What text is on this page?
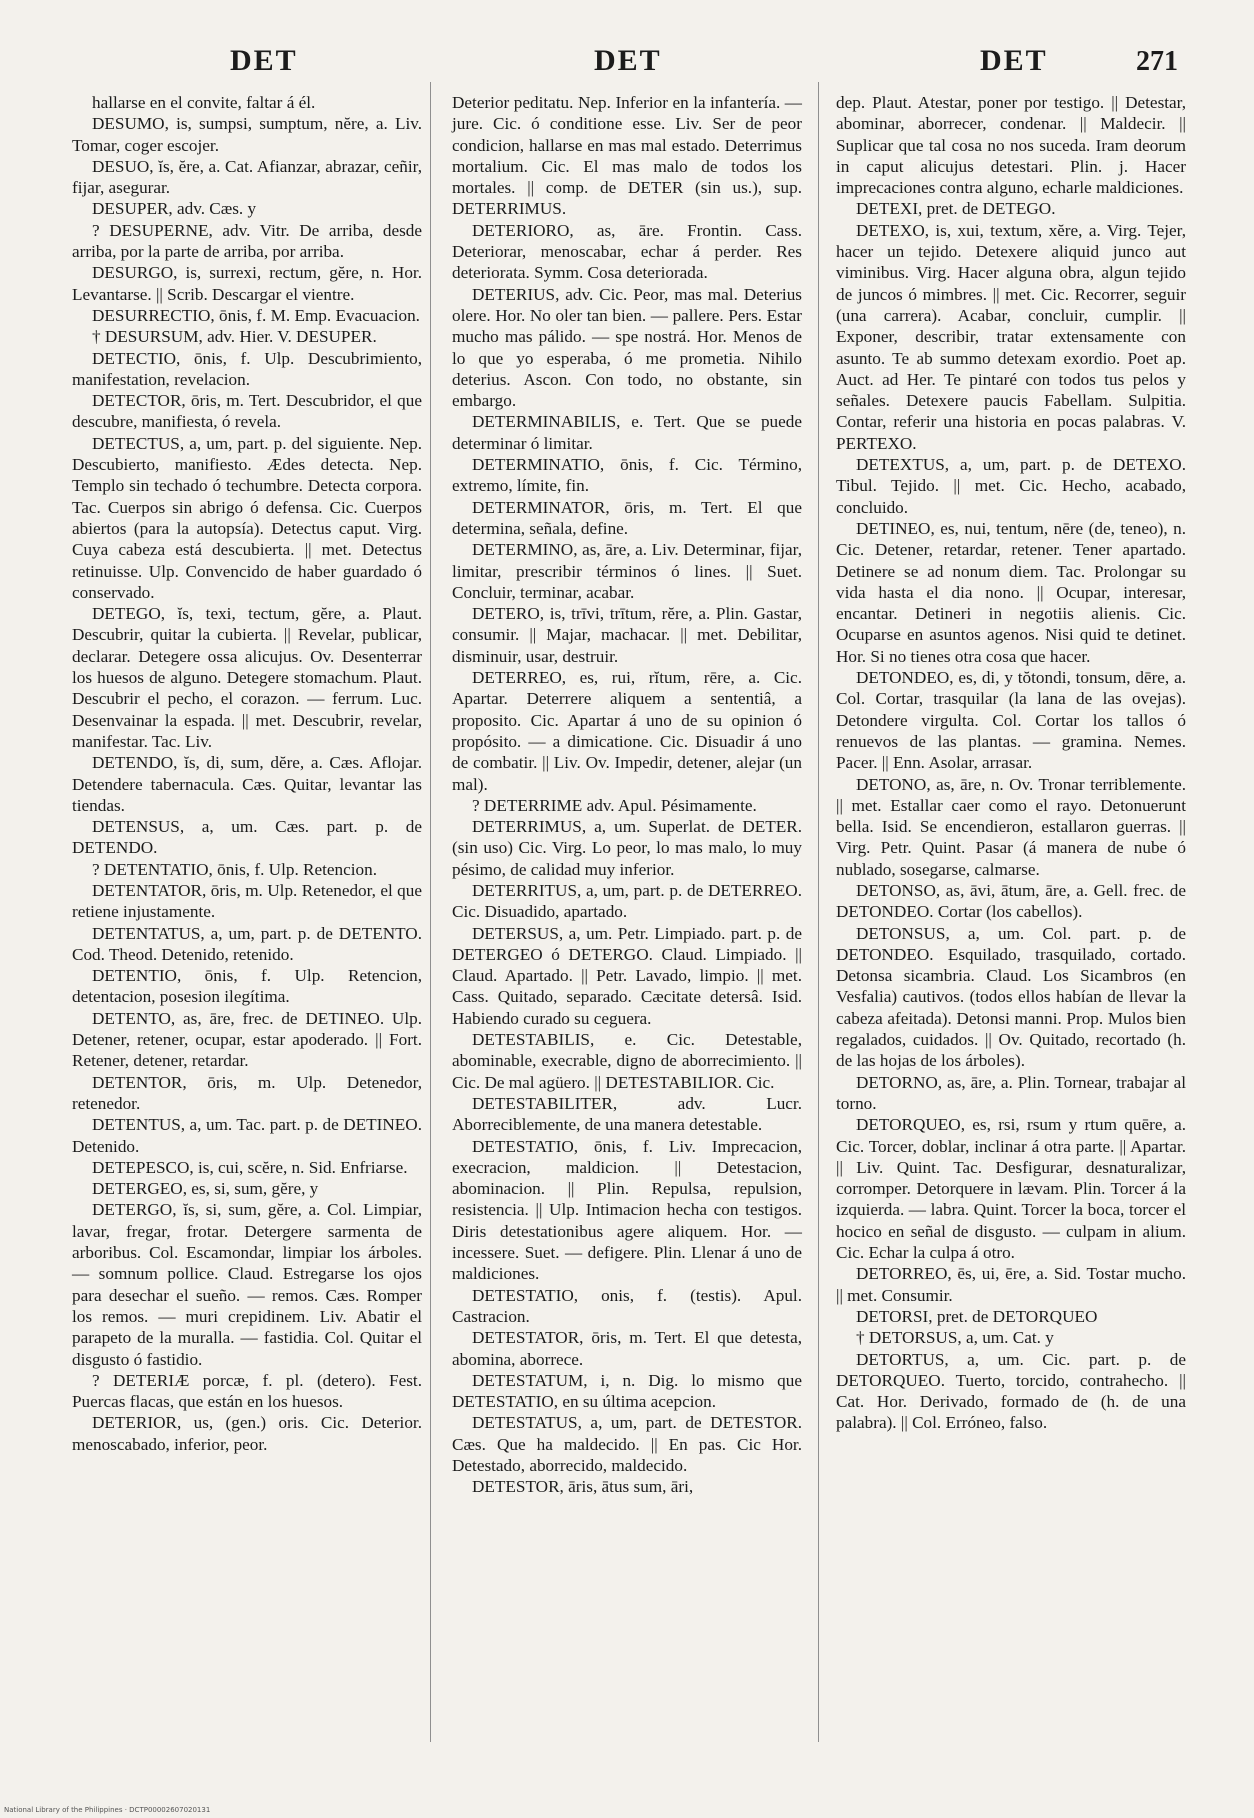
DET	DET	DET	271

hallarse en el convite, faltar á él.

DESUMO, is, sumpsi, sumptum, nĕre, a. Liv. Tomar, coger escojer.

DESUO, ĭs, ĕre, a. Cat. Afianzar, abrazar, ceñir, fijar, asegurar.

DESUPER, adv. Cæs. y

? DESUPERNE, adv. Vitr. De arriba, desde arriba, por la parte de arriba, por arriba.

DESURGO, is, surrexi, rectum, gĕre, n. Hor. Levantarse. || Scrib. Descargar el vientre.

DESURRECTIO, ōnis, f. M. Emp. Evacuacion.

† DESURSUM, adv. Hier. V. DESUPER.

DETECTIO, ōnis, f. Ulp. Descubrimiento, manifestation, revelacion.

DETECTOR, ōris, m. Tert. Descubridor, el que descubre, manifiesta, ó revela.

DETECTUS, a, um, part. p. del siguiente. Nep. Descubierto, manifiesto. Ædes detecta. Nep. Templo sin techado ó techumbre. Detecta corpora. Tac. Cuerpos sin abrigo ó defensa. Cic. Cuerpos abiertos (para la autopsía). Detectus caput. Virg. Cuya cabeza está descubierta. || met. Detectus retinuisse. Ulp. Convencido de haber guardado ó conservado.

DETEGO, ĭs, texi, tectum, gĕre, a. Plaut. Descubrir, quitar la cubierta. || Revelar, publicar, declarar. Detegere ossa alicujus. Ov. Desenterrar los huesos de alguno. Detegere stomachum. Plaut. Descubrir el pecho, el corazon. — ferrum. Luc. Desenvainar la espada. || met. Descubrir, revelar, manifestar. Tac. Liv.

DETENDO, ĭs, di, sum, dĕre, a. Cæs. Aflojar. Detendere tabernacula. Cæs. Quitar, levantar las tiendas.

DETENSUS, a, um. Cæs. part. p. de DETENDO.

? DETENTATIO, ōnis, f. Ulp. Retencion.

DETENTATOR, ōris, m. Ulp. Retenedor, el que retiene injustamente.

DETENTATUS, a, um, part. p. de DETENTO. Cod. Theod. Detenido, retenido.

DETENTIO, ōnis, f. Ulp. Retencion, detentacion, posesion ilegítima.

DETENTO, as, āre, frec. de DETINEO. Ulp. Detener, retener, ocupar, estar apoderado. || Fort. Retener, detener, retardar.

DETENTOR, ōris, m. Ulp. Detenedor, retenedor.

DETENTUS, a, um. Tac. part. p. de DETINEO. Detenido.

DETEPESCO, is, cui, scĕre, n. Sid. Enfriarse.

DETERGEO, es, si, sum, gĕre, y

DETERGO, ĭs, si, sum, gĕre, a. Col. Limpiar, lavar, fregar, frotar. Detergere sarmenta de arboribus. Col. Escamondar, limpiar los árboles. — somnum pollice. Claud. Estregarse los ojos para desechar el sueño. — remos. Cæs. Romper los remos. — muri crepidinem. Liv. Abatir el parapeto de la muralla. — fastidia. Col. Quitar el disgusto ó fastidio.

? DETERIÆ porcæ, f. pl. (detero). Fest. Puercas flacas, que están en los huesos.

DETERIOR, us, (gen.) oris. Cic. Deterior. menoscabado, inferior, peor.

Deterior peditatu. Nep. Inferior en la infantería. — jure. Cic. ó conditione esse. Liv. Ser de peor condicion, hallarse en mas mal estado. Deterrimus mortalium. Cic. El mas malo de todos los mortales. || comp. de DETER (sin us.), sup. DETERRIMUS.

DETERIORO, as, āre. Frontin. Cass. Deteriorar, menoscabar, echar á perder. Res deteriorata. Symm. Cosa deteriorada.

DETERIUS, adv. Cic. Peor, mas mal. Deterius olere. Hor. No oler tan bien. — pallere. Pers. Estar mucho mas pálido. — spe nostrá. Hor. Menos de lo que yo esperaba, ó me prometia. Nihilo deterius. Ascon. Con todo, no obstante, sin embargo.

DETERMINABILIS, e. Tert. Que se puede determinar ó limitar.

DETERMINATIO, ōnis, f. Cic. Término, extremo, límite, fin.

DETERMINATOR, ōris, m. Tert. El que determina, señala, define.

DETERMINO, as, āre, a. Liv. Determinar, fijar, limitar, prescribir términos ó lines. || Suet. Concluir, terminar, acabar.

DETERO, is, trīvi, trītum, rĕre, a. Plin. Gastar, consumir. || Majar, machacar. || met. Debilitar, disminuir, usar, destruir.

DETERREO, es, rui, rĭtum, rēre, a. Cic. Apartar. Deterrere aliquem a sententiâ, a proposito. Cic. Apartar á uno de su opinion ó propósito. — a dimicatione. Cic. Disuadir á uno de combatir. || Liv. Ov. Impedir, detener, alejar (un mal).

? DETERRIME adv. Apul. Pésimamente.

DETERRIMUS, a, um. Superlat. de DETER. (sin uso) Cic. Virg. Lo peor, lo mas malo, lo muy pésimo, de calidad muy inferior.

DETERRITUS, a, um, part. p. de DETERREO. Cic. Disuadido, apartado.

DETERSUS, a, um. Petr. Limpiado. part. p. de DETERGEO ó DETERGO. Claud. Limpiado. || Claud. Apartado. || Petr. Lavado, limpio. || met. Cass. Quitado, separado. Cæcitate detersâ. Isid. Habiendo curado su ceguera.

DETESTABILIS, e. Cic. Detestable, abominable, execrable, digno de aborrecimiento. || Cic. De mal agüero. || DETESTABILIOR. Cic.

DETESTABILITER, adv. Lucr. Aborreciblemente, de una manera detestable.

DETESTATIO, ōnis, f. Liv. Imprecacion, execracion, maldicion. || Detestacion, abominacion. || Plin. Repulsa, repulsion, resistencia. || Ulp. Intimacion hecha con testigos. Diris detestationibus agere aliquem. Hor. — incessere. Suet. — defigere. Plin. Llenar á uno de maldiciones.

DETESTATIO, onis, f. (testis). Apul. Castracion.

DETESTATOR, ōris, m. Tert. El que detesta, abomina, aborrece.

DETESTATUM, i, n. Dig. lo mismo que DETESTATIO, en su última acepcion.

DETESTATUS, a, um, part. de DETESTOR. Cæs. Que ha maldecido. || En pas. Cic Hor. Detestado, aborrecido, maldecido.

DETESTOR, āris, ātus sum, āri,

dep. Plaut. Atestar, poner por testigo. || Detestar, abominar, aborrecer, condenar. || Maldecir. || Suplicar que tal cosa no nos suceda. Iram deorum in caput alicujus detestari. Plin. j. Hacer imprecaciones contra alguno, echarle maldiciones.

DETEXI, pret. de DETEGO.

DETEXO, is, xui, textum, xĕre, a. Virg. Tejer, hacer un tejido. Detexere aliquid junco aut viminibus. Virg. Hacer alguna obra, algun tejido de juncos ó mimbres. || met. Cic. Recorrer, seguir (una carrera). Acabar, concluir, cumplir. || Exponer, describir, tratar extensamente con asunto. Te ab summo detexam exordio. Poet ap. Auct. ad Her. Te pintaré con todos tus pelos y señales. Detexere paucis Fabellam. Sulpitia. Contar, referir una historia en pocas palabras. V. PERTEXO.

DETEXTUS, a, um, part. p. de DETEXO. Tibul. Tejido. || met. Cic. Hecho, acabado, concluido.

DETINEO, es, nui, tentum, nēre (de, teneo), n. Cic. Detener, retardar, retener. Tener apartado. Detinere se ad nonum diem. Tac. Prolongar su vida hasta el dia nono. || Ocupar, interesar, encantar. Detineri in negotiis alienis. Cic. Ocuparse en asuntos agenos. Nisi quid te detinet. Hor. Si no tienes otra cosa que hacer.

DETONDEO, es, di, y tŏtondi, tonsum, dēre, a. Col. Cortar, trasquilar (la lana de las ovejas). Detondere virgulta. Col. Cortar los tallos ó renuevos de las plantas. — gramina. Nemes. Pacer. || Enn. Asolar, arrasar.

DETONO, as, āre, n. Ov. Tronar terriblemente. || met. Estallar caer como el rayo. Detonuerunt bella. Isid. Se encendieron, estallaron guerras. || Virg. Petr. Quint. Pasar (á manera de nube ó nublado, sosegarse, calmarse.

DETONSO, as, āvi, ātum, āre, a. Gell. frec. de DETONDEO. Cortar (los cabellos).

DETONSUS, a, um. Col. part. p. de DETONDEO. Esquilado, trasquilado, cortado. Detonsa sicambria. Claud. Los Sicambros (en Vesfalia) cautivos. (todos ellos habían de llevar la cabeza afeitada). Detonsi manni. Prop. Mulos bien regalados, cuidados. || Ov. Quitado, recortado (h. de las hojas de los árboles).

DETORNO, as, āre, a. Plin. Tornear, trabajar al torno.

DETORQUEO, es, rsi, rsum y rtum quēre, a. Cic. Torcer, doblar, inclinar á otra parte. || Apartar. || Liv. Quint. Tac. Desfigurar, desnaturalizar, corromper. Detorquere in lævam. Plin. Torcer á la izquierda. — labra. Quint. Torcer la boca, torcer el hocico en señal de disgusto. — culpam in alium. Cic. Echar la culpa á otro.

DETORREO, ēs, ui, ēre, a. Sid. Tostar mucho. || met. Consumir.

DETORSI, pret. de DETORQUEO

† DETORSUS, a, um. Cat. y

DETORTUS, a, um. Cic. part. p. de DETORQUEO. Tuerto, torcido, contrahecho. || Cat. Hor. Derivado, formado de (h. de una palabra). || Col. Erróneo, falso.

National Library of the Philippines · DCTP00002607020131
